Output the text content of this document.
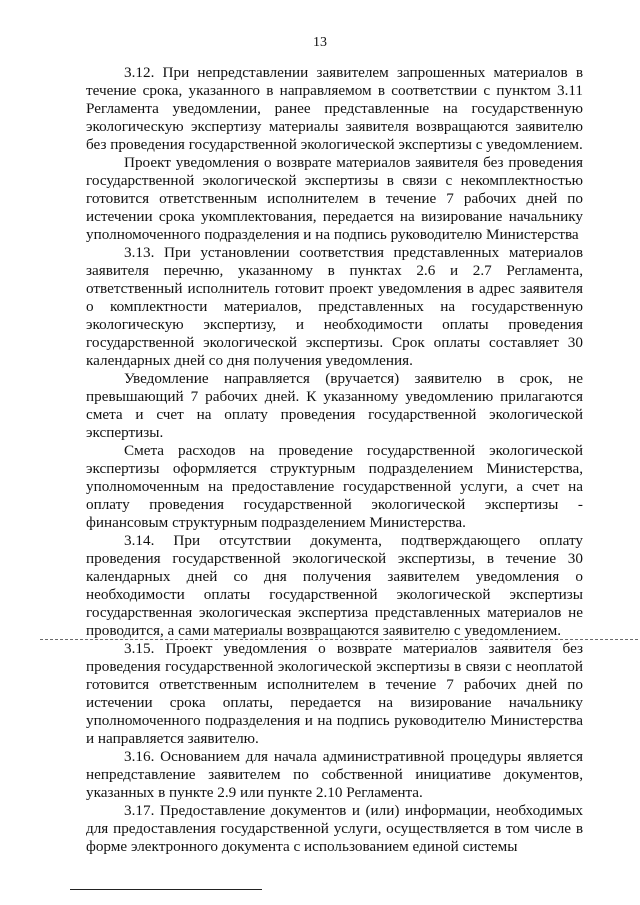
13

3.12. При непредставлении заявителем запрошенных материалов в течение срока, указанного в направляемом в соответствии с пунктом 3.11 Регламента уведомлении, ранее представленные на государственную экологическую экспертизу материалы заявителя возвращаются заявителю без проведения государственной экологической экспертизы с уведомлением.

Проект уведомления о возврате материалов заявителя без проведения государственной экологической экспертизы в связи с некомплектностью готовится ответственным исполнителем в течение 7 рабочих дней по истечении срока укомплектования, передается на визирование начальнику уполномоченного подразделения и на подпись руководителю Министерства

3.13. При установлении соответствия представленных материалов заявителя перечню, указанному в пунктах 2.6 и 2.7 Регламента, ответственный исполнитель готовит проект уведомления в адрес заявителя о комплектности материалов, представленных на государственную экологическую экспертизу, и необходимости оплаты проведения государственной экологической экспертизы. Срок оплаты составляет 30 календарных дней со дня получения уведомления.

Уведомление направляется (вручается) заявителю в срок, не превышающий 7 рабочих дней. К указанному уведомлению прилагаются смета и счет на оплату проведения государственной экологической экспертизы.

Смета расходов на проведение государственной экологической экспертизы оформляется структурным подразделением Министерства, уполномоченным на предоставление государственной услуги, а счет на оплату проведения государственной экологической экспертизы - финансовым структурным подразделением Министерства.

3.14. При отсутствии документа, подтверждающего оплату проведения государственной экологической экспертизы, в течение 30 календарных дней со дня получения заявителем уведомления о необходимости оплаты государственной экологической экспертизы государственная экологическая экспертиза представленных материалов не проводится, а сами материалы возвращаются заявителю с уведомлением.

3.15. Проект уведомления о возврате материалов заявителя без проведения государственной экологической экспертизы в связи с неоплатой готовится ответственным исполнителем в течение 7 рабочих дней по истечении срока оплаты, передается на визирование начальнику уполномоченного подразделения и на подпись руководителю Министерства и направляется заявителю.

3.16. Основанием для начала административной процедуры является непредставление заявителем по собственной инициативе документов, указанных в пункте 2.9 или пункте 2.10 Регламента.

3.17. Предоставление документов и (или) информации, необходимых для предоставления государственной услуги, осуществляется в том числе в форме электронного документа с использованием единой системы
